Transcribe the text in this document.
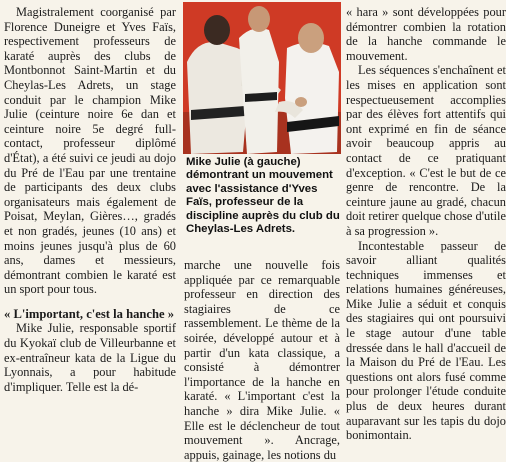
Magistralement coorganisé par Florence Duneigre et Yves Faïs, respectivement professeurs de karaté auprès des clubs de Montbonnot Saint-Martin et du Cheylas-Les Adrets, un stage conduit par le champion Mike Julie (ceinture noire 6e dan et ceinture noire 5e degré full-contact, professeur diplômé d'État), a été suivi ce jeudi au dojo du Pré de l'Eau par une trentaine de participants des deux clubs organisateurs mais également de Poisat, Meylan, Gières…, gradés et non gradés, jeunes (10 ans) et moins jeunes jusqu'à plus de 60 ans, dames et messieurs, démontrant combien le karaté est un sport pour tous.

« L'important, c'est la hanche »

Mike Julie, responsable sportif du Kyokaï club de Villeurbanne et ex-entraîneur kata de la Ligue du Lyonnais, a pour habitude d'impliquer. Telle est la dé-

Mike Julie (à gauche) démontrant un mouvement avec l'assistance d'Yves Faïs, professeur de la discipline auprès du club du Cheylas-Les Adrets.

marche une nouvelle fois appliquée par ce remarquable professeur en direction des stagiaires de ce rassemblement. Le thème de la soirée, développé autour et à partir d'un kata classique, a consisté à démontrer l'importance de la hanche en karaté. « L'important c'est la hanche » dira Mike Julie. « Elle est le déclencheur de tout mouvement ». Ancrage, appuis, gainage, les notions du

« hara » sont développées pour démontrer combien la rotation de la hanche commande le mouvement.

Les séquences s'enchaînent et les mises en application sont respectueusement accomplies par des élèves fort attentifs qui ont exprimé en fin de séance avoir beaucoup appris au contact de ce pratiquant d'exception. « C'est le but de ce genre de rencontre. De la ceinture jaune au gradé, chacun doit retirer quelque chose d'utile à sa progression ».

Incontestable passeur de savoir alliant qualités techniques immenses et relations humaines généreuses, Mike Julie a séduit et conquis des stagiaires qui ont poursuivi le stage autour d'une table dressée dans le hall d'accueil de la Maison du Pré de l'Eau. Les questions ont alors fusé comme pour prolonger l'étude conduite plus de deux heures durant auparavant sur les tapis du dojo bonimontain.
